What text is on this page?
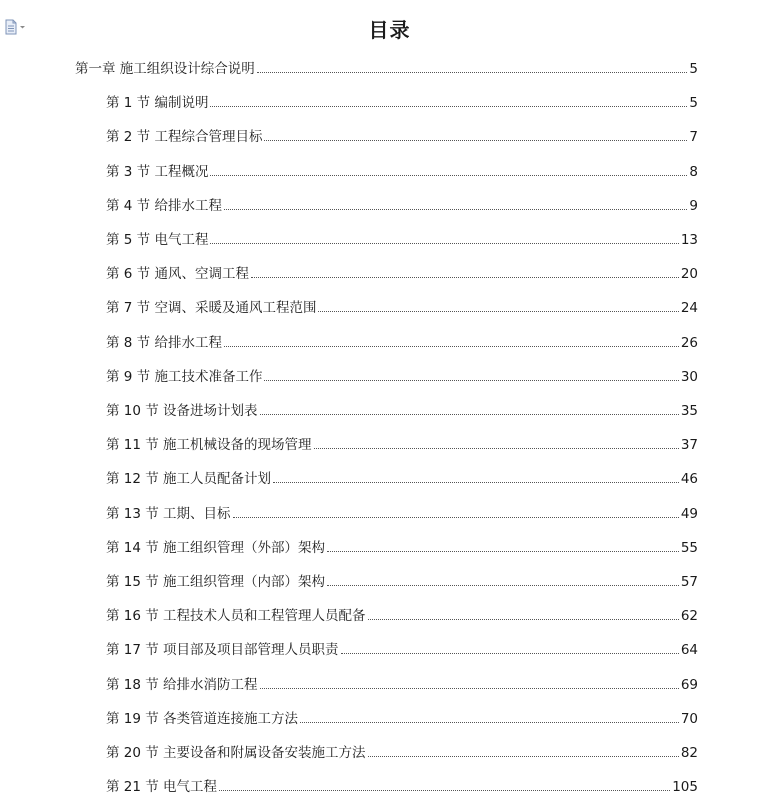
目录
第一章 施工组织设计综合说明	5
第 1 节 编制说明	5
第 2 节 工程综合管理目标	7
第 3 节 工程概况	8
第 4 节 给排水工程	9
第 5 节 电气工程	13
第 6 节 通风、空调工程	20
第 7 节 空调、采暖及通风工程范围	24
第 8 节 给排水工程	26
第 9 节 施工技术准备工作	30
第 10 节 设备进场计划表	35
第 11 节 施工机械设备的现场管理	37
第 12 节 施工人员配备计划	46
第 13 节 工期、目标	49
第 14 节 施工组织管理（外部）架构	55
第 15 节 施工组织管理（内部）架构	57
第 16 节 工程技术人员和工程管理人员配备	62
第 17 节 项目部及项目部管理人员职责	64
第 18 节 给排水消防工程	69
第 19 节 各类管道连接施工方法	70
第 20 节 主要设备和附属设备安装施工方法	82
第 21 节 电气工程	105
